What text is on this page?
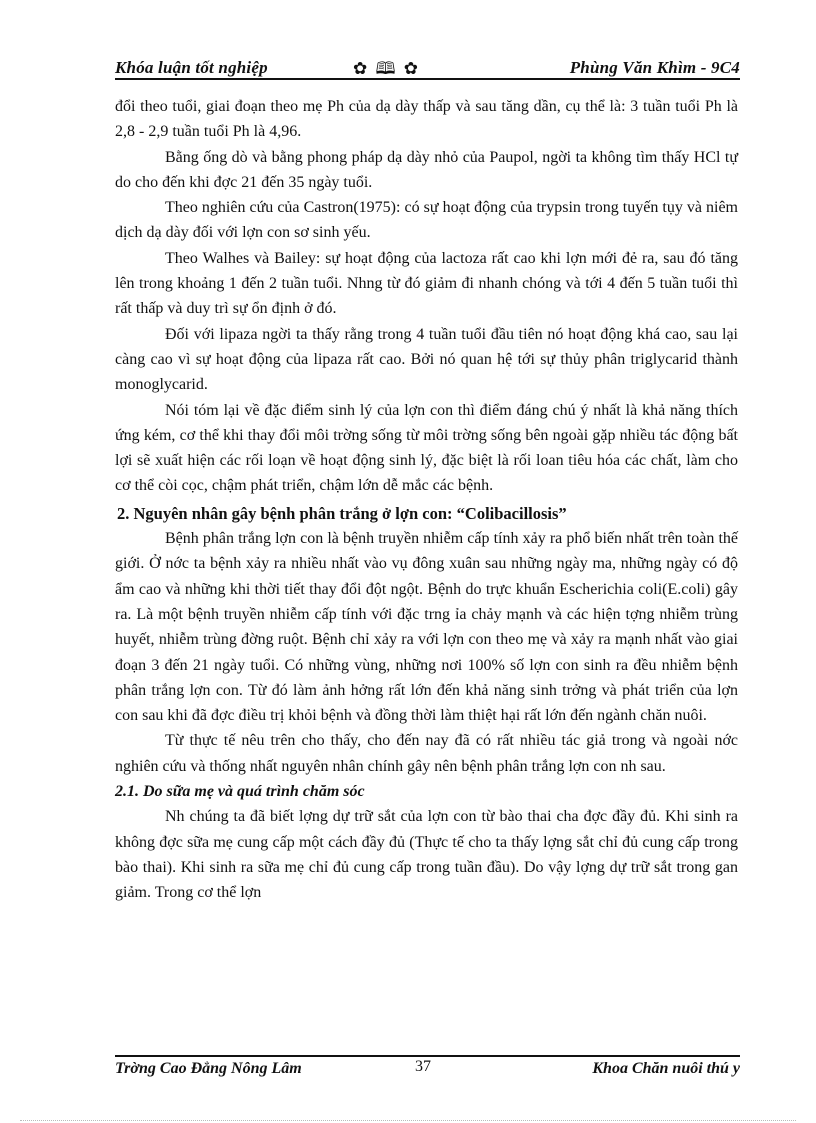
Khóa luận tốt nghiệp	✿ 🕮 ✿	Phùng Văn Khìm - 9C4

đổi theo tuổi, giai đoạn theo mẹ Ph của dạ dày thấp và sau tăng dần, cụ thể là: 3 tuần tuổi Ph là 2,8 - 2,9 tuần tuổi Ph là 4,96.

Bằng ống dò và bằng phong pháp dạ dày nhỏ của Paupol, ngời ta không tìm thấy HCl tự do cho đến khi đợc 21 đến 35 ngày tuổi.

Theo nghiên cứu của Castron(1975): có sự hoạt động của trypsin trong tuyến tụy và niêm dịch dạ dày đối với lợn con sơ sinh yếu.

Theo Walhes và Bailey: sự hoạt động của lactoza rất cao khi lợn mới đẻ ra, sau đó tăng lên trong khoảng 1 đến 2 tuần tuổi. Nhng từ đó giảm đi nhanh chóng và tới 4 đến 5 tuần tuổi thì rất thấp và duy trì sự ổn định ở đó.

Đối với lipaza ngời ta thấy rằng trong 4 tuần tuổi đầu tiên nó hoạt động khá cao, sau lại càng cao vì sự hoạt động của lipaza rất cao. Bởi nó quan hệ tới sự thủy phân triglycarid thành monoglycarid.

Nói tóm lại về đặc điểm sinh lý của lợn con thì điểm đáng chú ý nhất là khả năng thích ứng kém, cơ thể khi thay đổi môi trờng sống từ môi trờng sống bên ngoài gặp nhiều tác động bất lợi sẽ xuất hiện các rối loạn về hoạt động sinh lý, đặc biệt là rối loan tiêu hóa các chất, làm cho cơ thể còi cọc, chậm phát triển, chậm lớn dễ mắc các bệnh.

2. Nguyên nhân gây bệnh phân trắng ở lợn con: “Colibacillosis”

Bệnh phân trắng lợn con là bệnh truyền nhiễm cấp tính xảy ra phổ biến nhất trên toàn thế giới. Ở nớc ta bệnh xảy ra nhiều nhất vào vụ đông xuân sau những ngày ma, những ngày có độ ẩm cao và những khi thời tiết thay đổi đột ngột. Bệnh do trực khuẩn Escherichia coli(E.coli) gây ra. Là một bệnh truyền nhiễm cấp tính với đặc trng ỉa chảy mạnh và các hiện tợng nhiễm trùng huyết, nhiễm trùng đờng ruột. Bệnh chỉ xảy ra với lợn con theo mẹ và xảy ra mạnh nhất vào giai đoạn 3 đến 21 ngày tuổi. Có những vùng, những nơi 100% số lợn con sinh ra đều nhiễm bệnh phân trắng lợn con. Từ đó làm ảnh hởng rất lớn đến khả năng sinh trởng và phát triển của lợn con sau khi đã đợc điều trị khỏi bệnh và đồng thời làm thiệt hại rất lớn đến ngành chăn nuôi.

Từ thực tế nêu trên cho thấy, cho đến nay đã có rất nhiều tác giả trong và ngoài nớc nghiên cứu và thống nhất nguyên nhân chính gây nên bệnh phân trắng lợn con nh sau.

2.1. Do sữa mẹ và quá trình chăm sóc

Nh chúng ta đã biết lợng dự trữ sắt của lợn con từ bào thai cha đợc đầy đủ. Khi sinh ra không đợc sữa mẹ cung cấp một cách đầy đủ (Thực tế cho ta thấy lợng sắt chỉ đủ cung cấp trong bào thai). Khi sinh ra sữa mẹ chỉ đủ cung cấp trong tuần đầu). Do vậy lợng dự trữ sắt trong gan giảm. Trong cơ thể lợn

Trờng Cao Đẳng Nông Lâm	37	Khoa Chăn nuôi thú y
